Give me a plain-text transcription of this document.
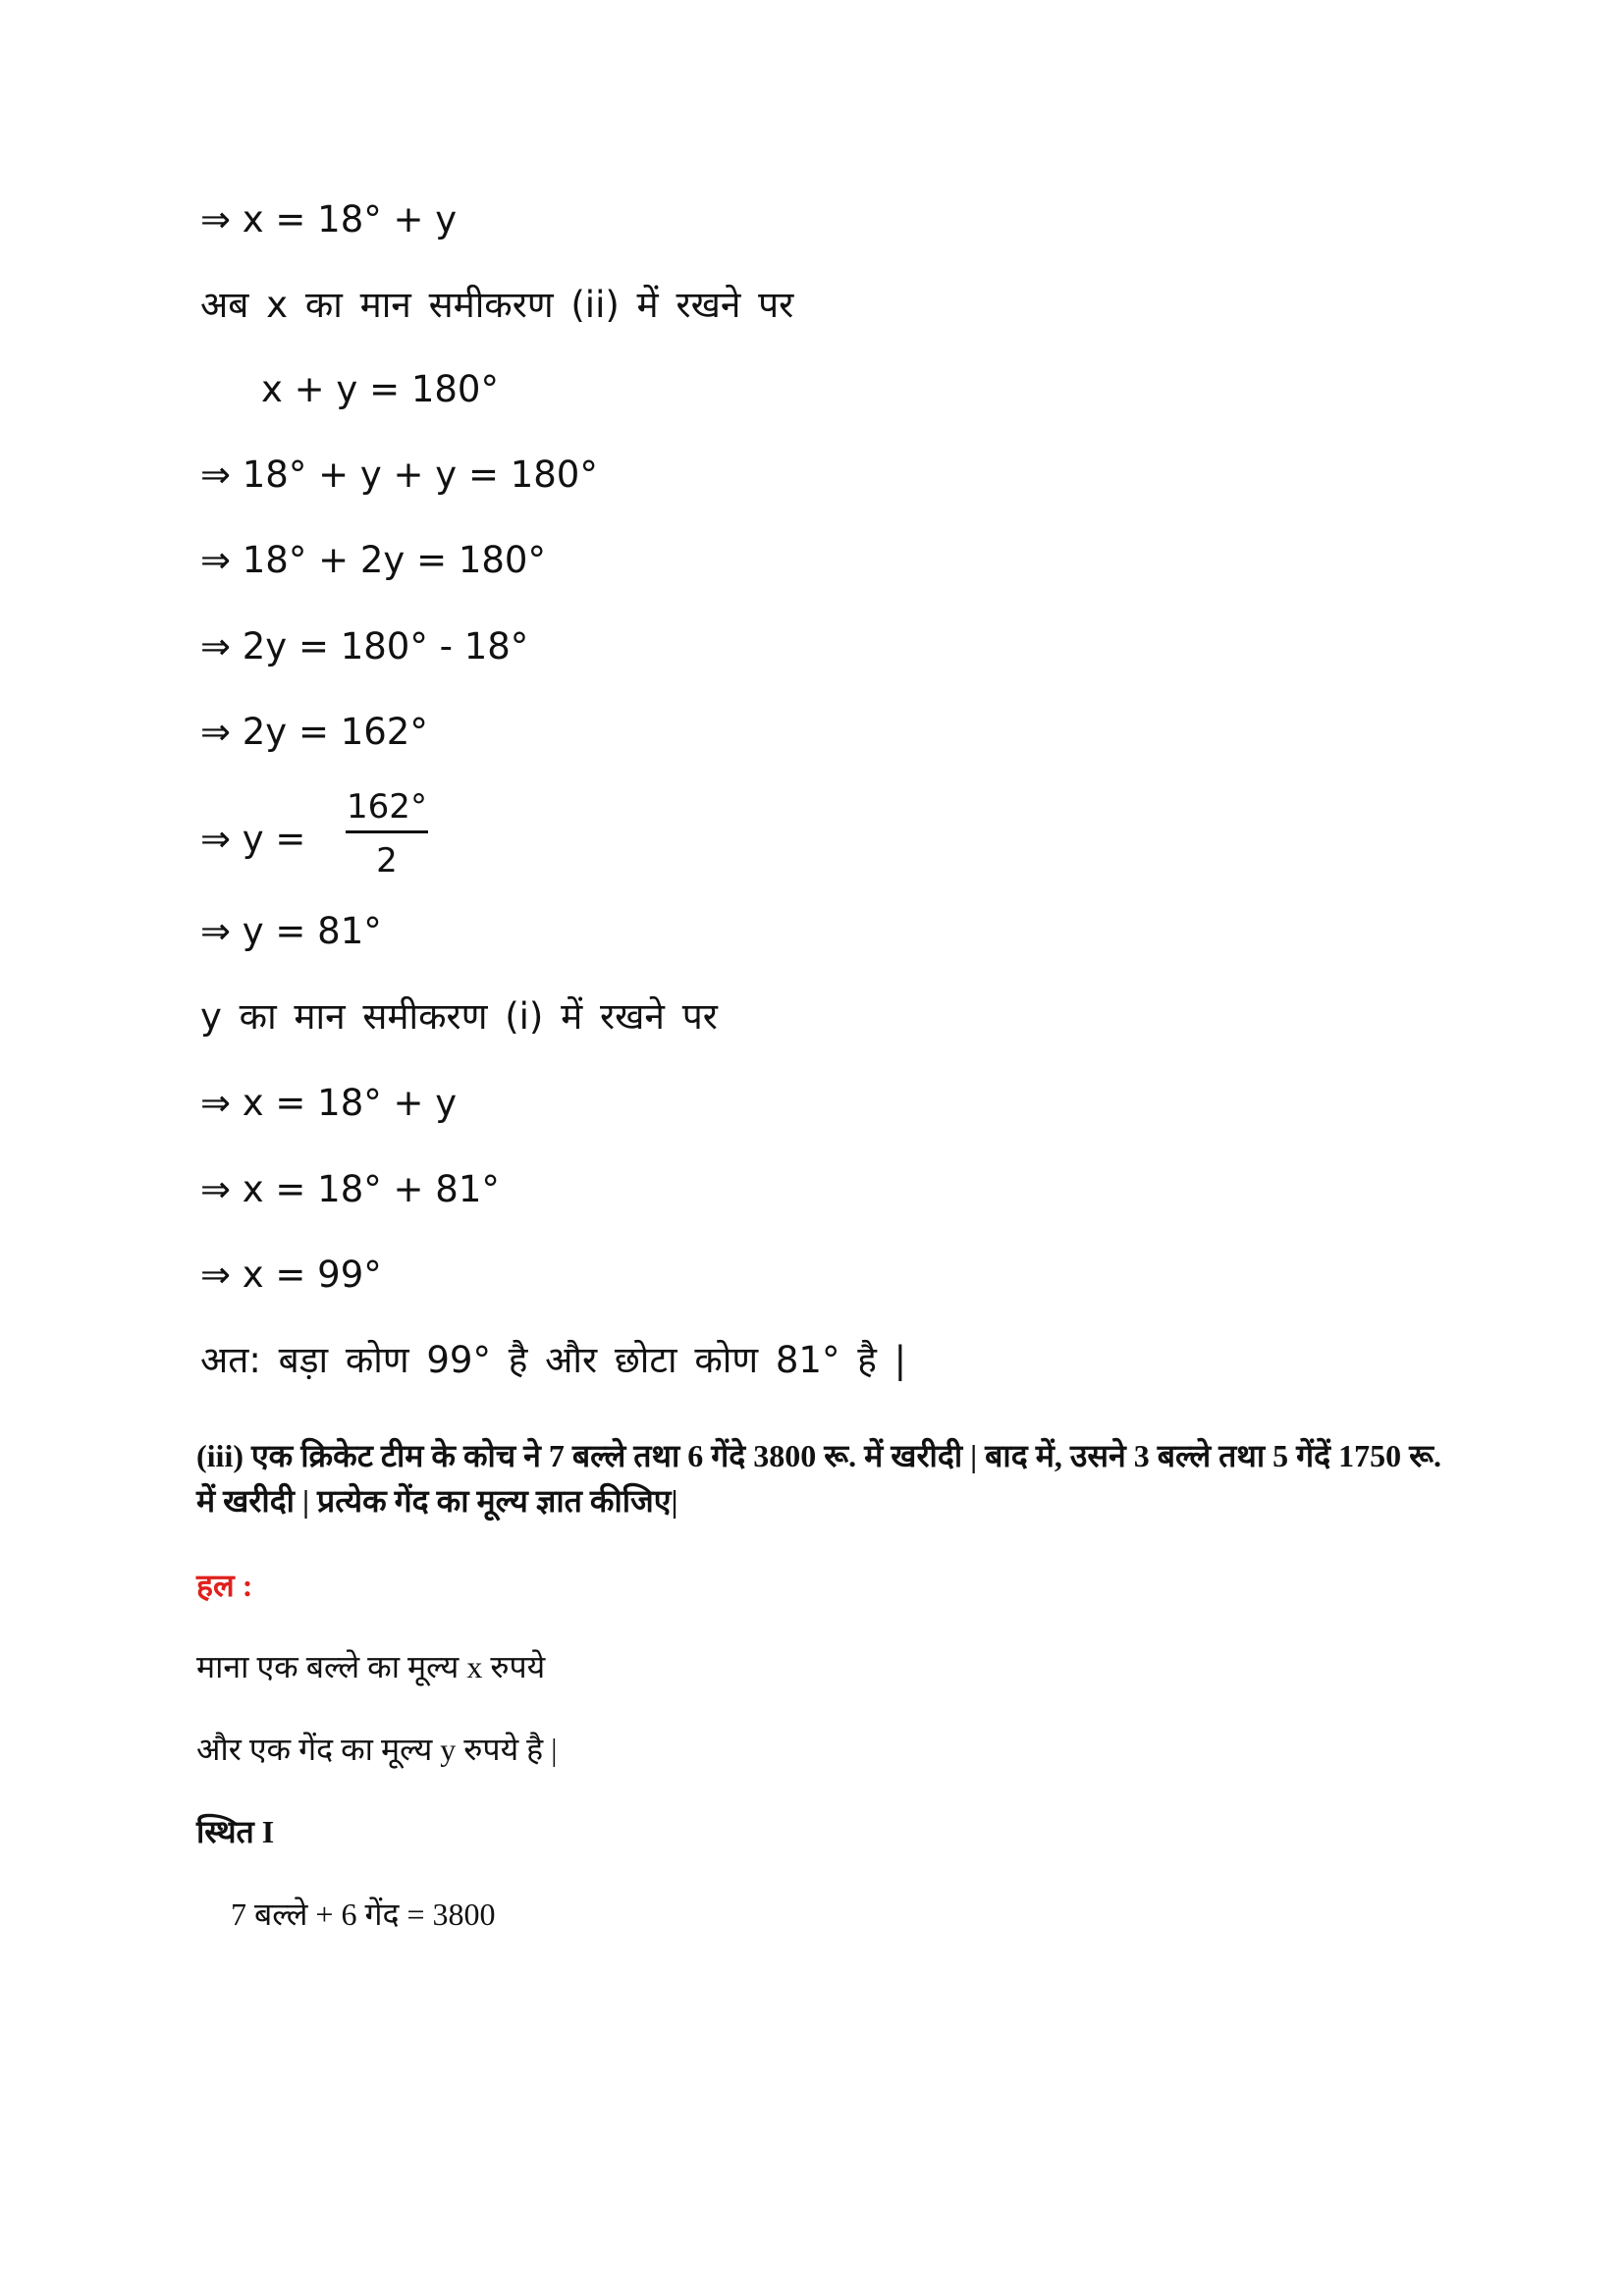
⇒ x = 18° + y

अब x का मान समीकरण (ii) में रखने पर

x + y = 180°

⇒ 18° + y + y = 180°

⇒ 18° + 2y = 180°

⇒ 2y = 180° - 18°

⇒ 2y = 162°

⇒ y =
162°
2

⇒ y = 81°

y का मान समीकरण (i) में रखने पर

⇒ x = 18° + y

⇒ x = 18° + 81°

⇒ x = 99°

अत: बड़ा कोण 99° है और छोटा कोण 81° है |

(iii) एक क्रिकेट टीम के कोच ने 7 बल्ले तथा 6 गेंदे 3800 रू. में खरीदी | बाद में, उसने 3 बल्ले तथा 5 गेंदें 1750 रू. में खरीदी | प्रत्येक गेंद का मूल्य ज्ञात कीजिए|

हल :

माना एक बल्ले का मूल्य x रुपये

और एक गेंद का मूल्य y रुपये है |

स्थित I

7 बल्ले + 6 गेंद = 3800
